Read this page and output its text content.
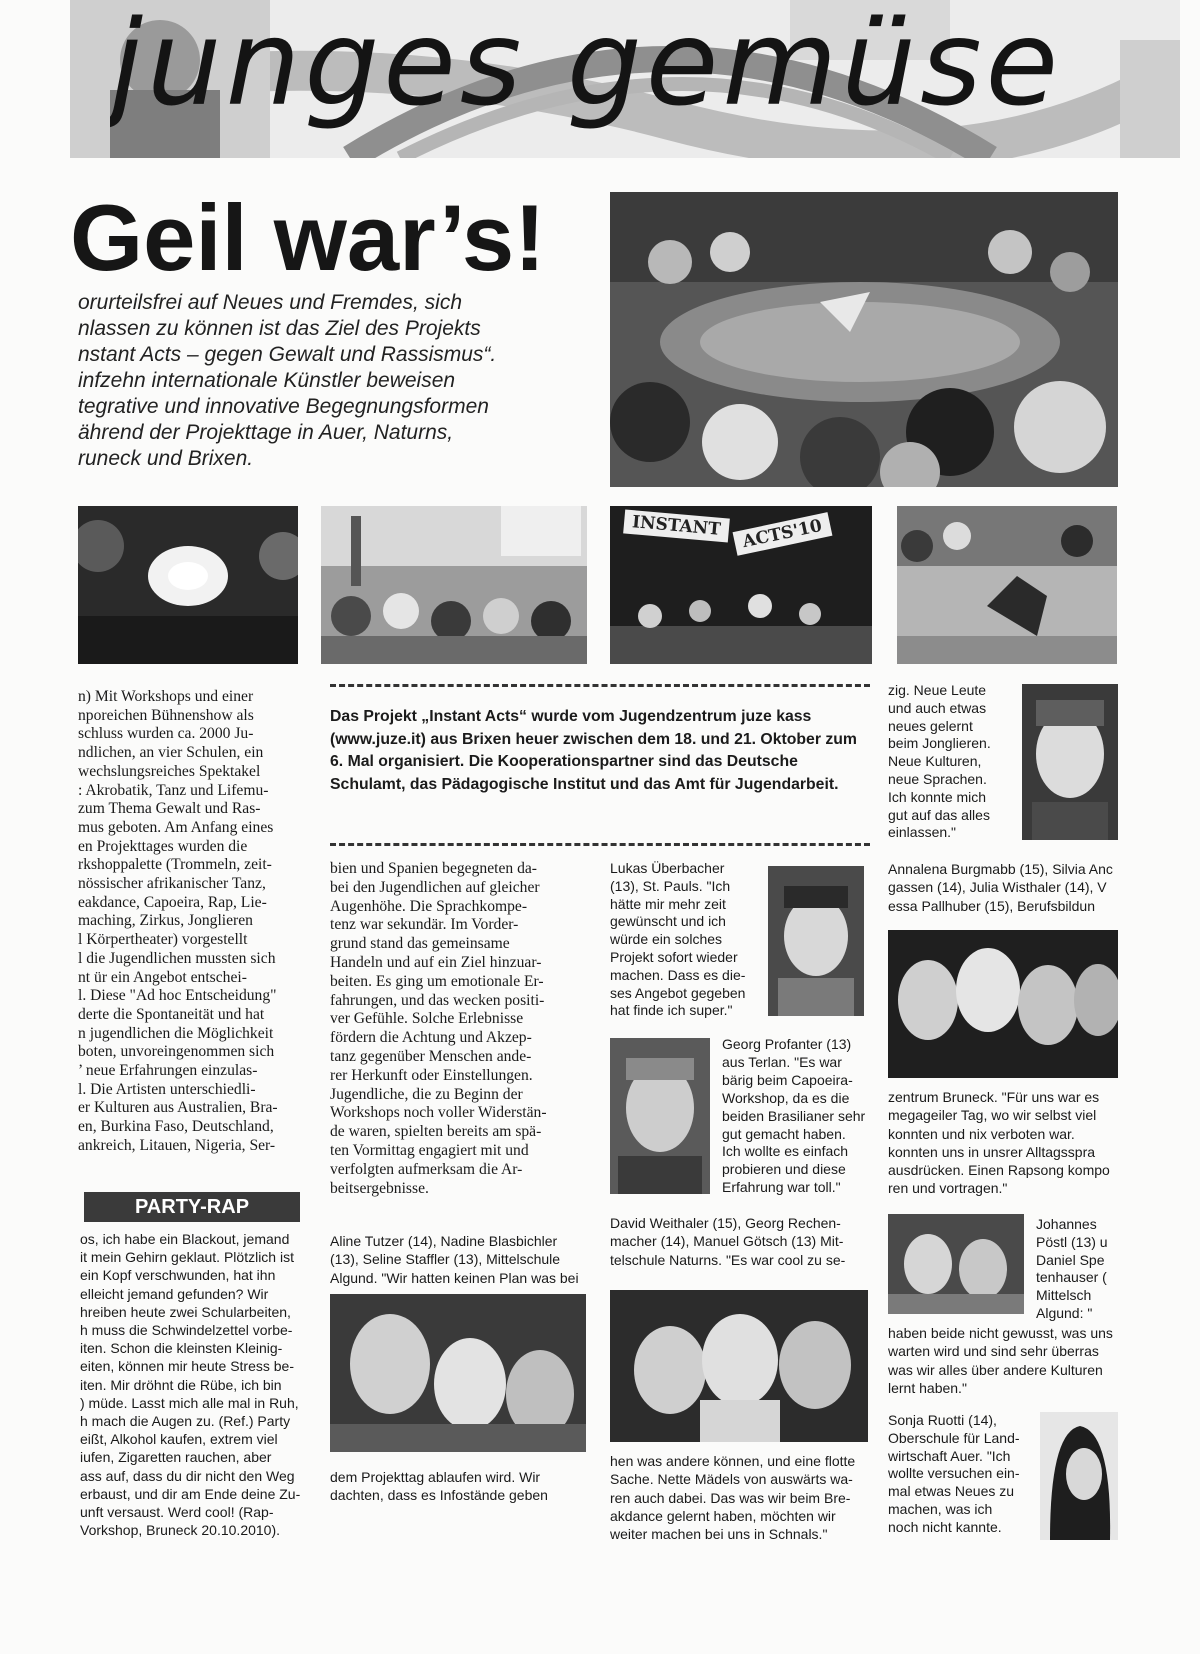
junges gemüse
Geil war’s!
orurteilsfrei auf Neues und Fremdes, sich
nlassen zu können ist das Ziel des Projekts
nstant Acts – gegen Gewalt und Rassismus“.
infzehn internationale Künstler beweisen
tegrative und innovative Begegnungsformen
ährend der Projekttage in Auer, Naturns,
runeck und Brixen.
INSTANT	ACTS'10
n) Mit Workshops und einer
nporeichen Bühnenshow als
schluss wurden ca. 2000 Ju-
ndlichen, an vier Schulen, ein
wechslungsreiches Spektakel
: Akrobatik, Tanz und Lifemu-
zum Thema Gewalt und Ras-
mus geboten. Am Anfang eines
en Projekttages wurden die
rkshoppalette (Trommeln, zeit-
nössischer afrikanischer Tanz,
eakdance, Capoeira, Rap, Lie-
maching, Zirkus, Jonglieren
l Körpertheater) vorgestellt
l die Jugendlichen mussten sich
nt ür ein Angebot entschei-
l. Diese "Ad hoc Entscheidung"
derte die Spontaneität und hat
n jugendlichen die Möglichkeit
boten, unvoreingenommen sich
’ neue Erfahrungen einzulas-
l. Die Artisten unterschiedli-
er Kulturen aus Australien, Bra-
en, Burkina Faso, Deutschland,
ankreich, Litauen, Nigeria, Ser-
PARTY-RAP
os, ich habe ein Blackout, jemand
it mein Gehirn geklaut. Plötzlich ist
ein Kopf verschwunden, hat ihn
elleicht jemand gefunden? Wir
hreiben heute zwei Schularbeiten,
h muss die Schwindelzettel vorbe-
iten. Schon die kleinsten Kleinig-
eiten, können mir heute Stress be-
iten. Mir dröhnt die Rübe, ich bin
) müde. Lasst mich alle mal in Ruh,
h mach die Augen zu. (Ref.) Party
eißt, Alkohol kaufen, extrem viel
iufen, Zigaretten rauchen, aber
ass auf, dass du dir nicht den Weg
erbaust, und dir am Ende deine Zu-
unft versaust. Werd cool! (Rap-
Vorkshop, Bruneck 20.10.2010).
Das Projekt „Instant Acts“ wurde vom Jugendzentrum juze kass (www.juze.it) aus Brixen heuer zwischen dem 18. und 21. Oktober zum 6. Mal organisiert. Die Kooperationspartner sind das Deutsche Schulamt, das Pädagogische Institut und das Amt für Jugendarbeit.
bien und Spanien begegneten da-
bei den Jugendlichen auf gleicher
Augenhöhe. Die Sprachkompe-
tenz war sekundär. Im Vorder-
grund stand das gemeinsame
Handeln und auf ein Ziel hinzuar-
beiten. Es ging um emotionale Er-
fahrungen, und das wecken positi-
ver Gefühle. Solche Erlebnisse
fördern die Achtung und Akzep-
tanz gegenüber Menschen ande-
rer Herkunft oder Einstellungen.
Jugendliche, die zu Beginn der
Workshops noch voller Widerstän-
de waren, spielten bereits am spä-
ten Vormittag engagiert mit und
verfolgten aufmerksam die Ar-
beitsergebnisse.
Aline Tutzer (14), Nadine Blasbichler
(13), Seline Staffler (13), Mittelschule
Algund. "Wir hatten keinen Plan was bei
dem Projekttag ablaufen wird. Wir
dachten, dass es Infostände geben
Lukas Überbacher
(13), St. Pauls. "Ich
hätte mir mehr zeit
gewünscht und ich
würde ein solches
Projekt sofort wieder
machen. Dass es die-
ses Angebot gegeben
hat finde ich super."
Georg Profanter (13)
aus Terlan. "Es war
bärig beim Capoeira-
Workshop, da es die
beiden Brasilianer sehr
gut gemacht haben.
Ich wollte es einfach
probieren und diese
Erfahrung war toll."
David Weithaler (15), Georg Rechen-
macher (14), Manuel Götsch (13) Mit-
telschule Naturns. "Es war cool zu se-
hen was andere können, und eine flotte
Sache. Nette Mädels von auswärts wa-
ren auch dabei. Das was wir beim Bre-
akdance gelernt haben, möchten wir
weiter machen bei uns in Schnals."
zig. Neue Leute
und auch etwas
neues gelernt
beim Jonglieren.
Neue Kulturen,
neue Sprachen.
Ich konnte mich
gut auf das alles
einlassen."
Annalena Burgmabb (15), Silvia Anc
gassen (14), Julia Wisthaler (14), V
essa Pallhuber (15), Berufsbildun
zentrum Bruneck. "Für uns war es
megageiler Tag, wo wir selbst viel
konnten und nix verboten war.
konnten uns in unsrer Alltagsspra
ausdrücken. Einen Rapsong kompo
ren und vortragen."
Johannes
Pöstl (13) u
Daniel Spe
tenhauser (
Mittelsch
Algund: "
haben beide nicht gewusst, was uns
warten wird und sind sehr überras
was wir alles über andere Kulturen
lernt haben."
Sonja Ruotti (14),
Oberschule für Land-
wirtschaft Auer. "Ich
wollte versuchen ein-
mal etwas Neues zu
machen, was ich
noch nicht kannte.
